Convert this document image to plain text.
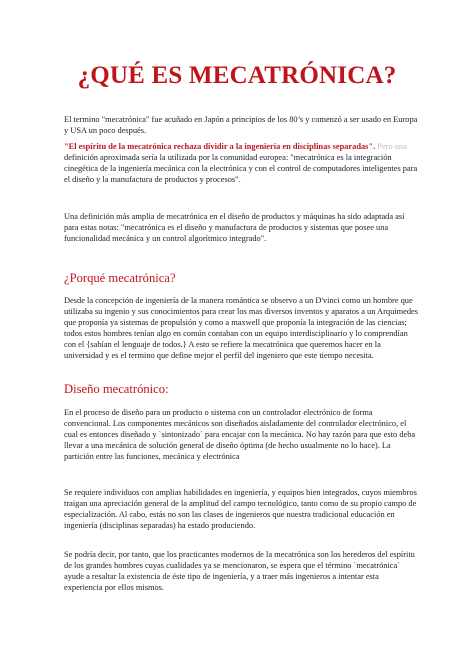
¿QUÉ ES MECATRÓNICA?

El termino "mecatrónica" fue acuñado en Japón a principios de los 80’s y comenzó a ser usado en Europa y USA un poco después.

"El espíritu de la mecatrónica rechaza dividir a la ingeniería en disciplinas separadas". Pero una definición aproximada sería la utilizada por la comunidad europea: "mecatrónica es la integración cinegética de la ingeniería mecánica con la electrónica y con el control de computadores inteligentes para el diseño y la manufactura de productos y procesos".

Una definición más amplia de mecatrónica en el diseño de productos y máquinas ha sido adaptada así para estas notas: "mecatrónica es el diseño y manufactura de productos y sistemas que posee una funcionalidad mecánica y un control algorítmico integrado".

¿Porqué mecatrónica?

Desde la concepción de ingeniería de la manera romántica se observo a un D'vinci como un hombre que utilizaba su ingenio y sus conocimientos para crear los mas diversos inventos y aparatos a un Arquimedes que proponía ya sistemas de propulsión y como a maxwell que proponía la integración de las ciencias; todos estos hombres tenían algo en común contaban con un equipo interdisciplinario y lo comprendían con el {sabían el lenguaje de todos.} A esto se refiere la mecatrónica que queremos hacer en la universidad y es el termino que define mejor el perfil del ingeniero que este tiempo necesita.

Diseño mecatrónico:

En el proceso de diseño para un producto o sistema con un controlador electrónico de forma convencional. Los componentes mecánicos son diseñados aisladamente del controlador electrónico, el cual es entonces diseñado y `sintonizado` para encajar con la mecánica. No hay razón para que esto deba llevar a una mecánica de solución general de diseño óptima (de hecho usualmente no lo hace). La partición entre las funciones, mecánica y electrónica

Se requiere individuos con amplias habilidades en ingeniería, y equipos bien integrados, cuyos miembros traigan una apreciación general de la amplitud del campo tecnológico, tanto como de su propio campo de especialización. Al cabo, estás no son las clases de ingenieros que nuestra tradicional educación en ingeniería (disciplinas separadas) ha estado produciendo.

Se podría decir, por tanto, que los practicantes modernos de la mecatrónica son los herederos del espíritu de los grandes hombres cuyas cualidades ya se mencionaron, se espera que el término `mecatrónica` ayude a resaltar la existencia de éste tipo de ingeniería, y a traer más ingenieros a intentar esta experiencia por ellos mismos.
